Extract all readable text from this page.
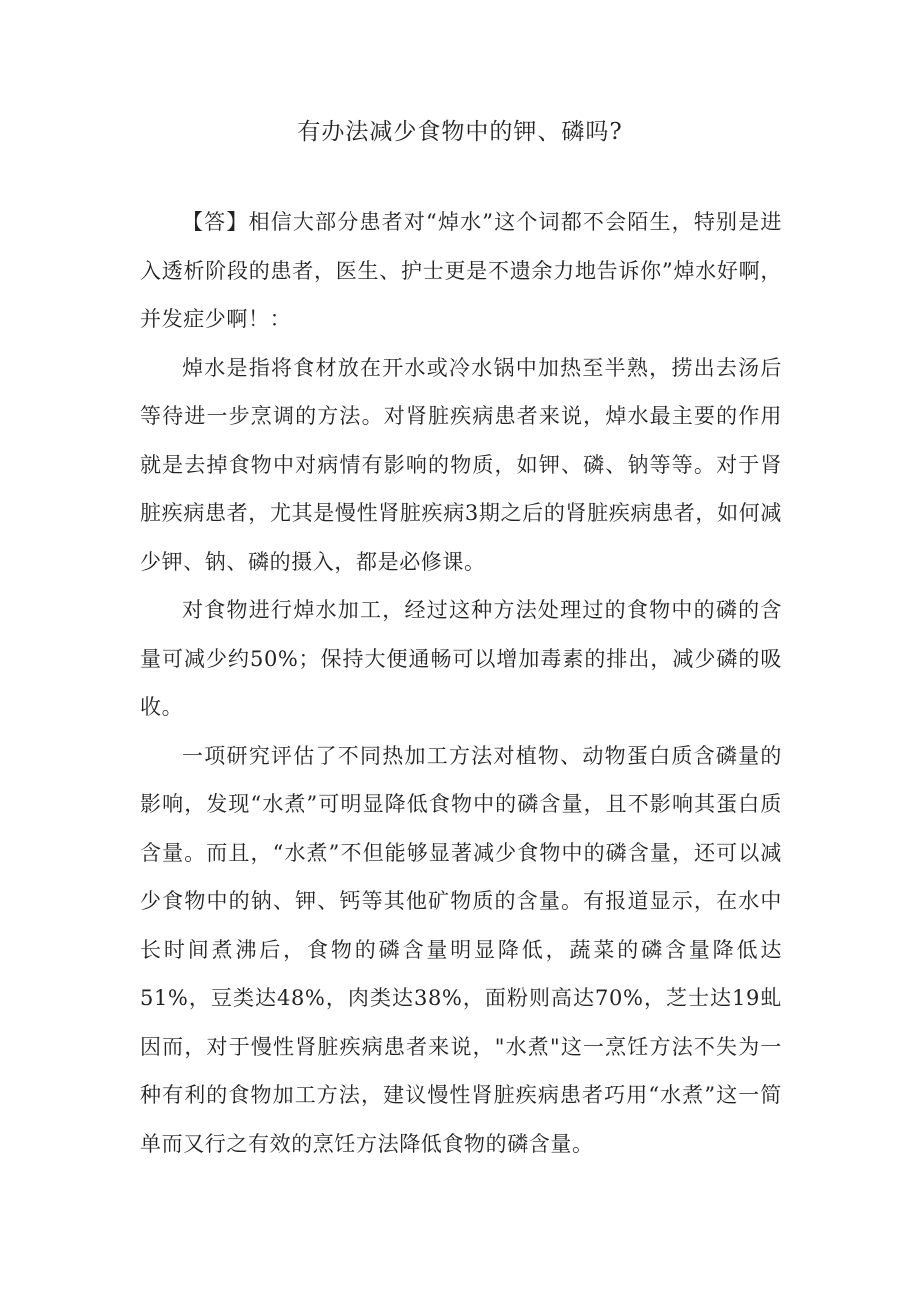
有办法减少食物中的钾、磷吗?

【答】相信大部分患者对“焯水”这个词都不会陌生，特别是进入透析阶段的患者，医生、护士更是不遗余力地告诉你”焯水好啊，并发症少啊！：

焯水是指将食材放在开水或冷水锅中加热至半熟，捞出去汤后等待进一步烹调的方法。对肾脏疾病患者来说，焯水最主要的作用就是去掉食物中对病情有影响的物质，如钾、磷、钠等等。对于肾脏疾病患者，尤其是慢性肾脏疾病3期之后的肾脏疾病患者，如何减少钾、钠、磷的摄入，都是必修课。

对食物进行焯水加工，经过这种方法处理过的食物中的磷的含量可减少约50%；保持大便通畅可以增加毒素的排出，减少磷的吸收。

一项研究评估了不同热加工方法对植物、动物蛋白质含磷量的影响，发现“水煮”可明显降低食物中的磷含量，且不影响其蛋白质含量。而且，“水煮”不但能够显著减少食物中的磷含量，还可以减少食物中的钠、钾、钙等其他矿物质的含量。有报道显示，在水中长时间煮沸后，食物的磷含量明显降低，蔬菜的磷含量降低达51%，豆类达48%，肉类达38%，面粉则高达70%，芝士达19虬因而，对于慢性肾脏疾病患者来说，"水煮"这一烹饪方法不失为一种有利的食物加工方法，建议慢性肾脏疾病患者巧用“水煮”这一简单而又行之有效的烹饪方法降低食物的磷含量。
